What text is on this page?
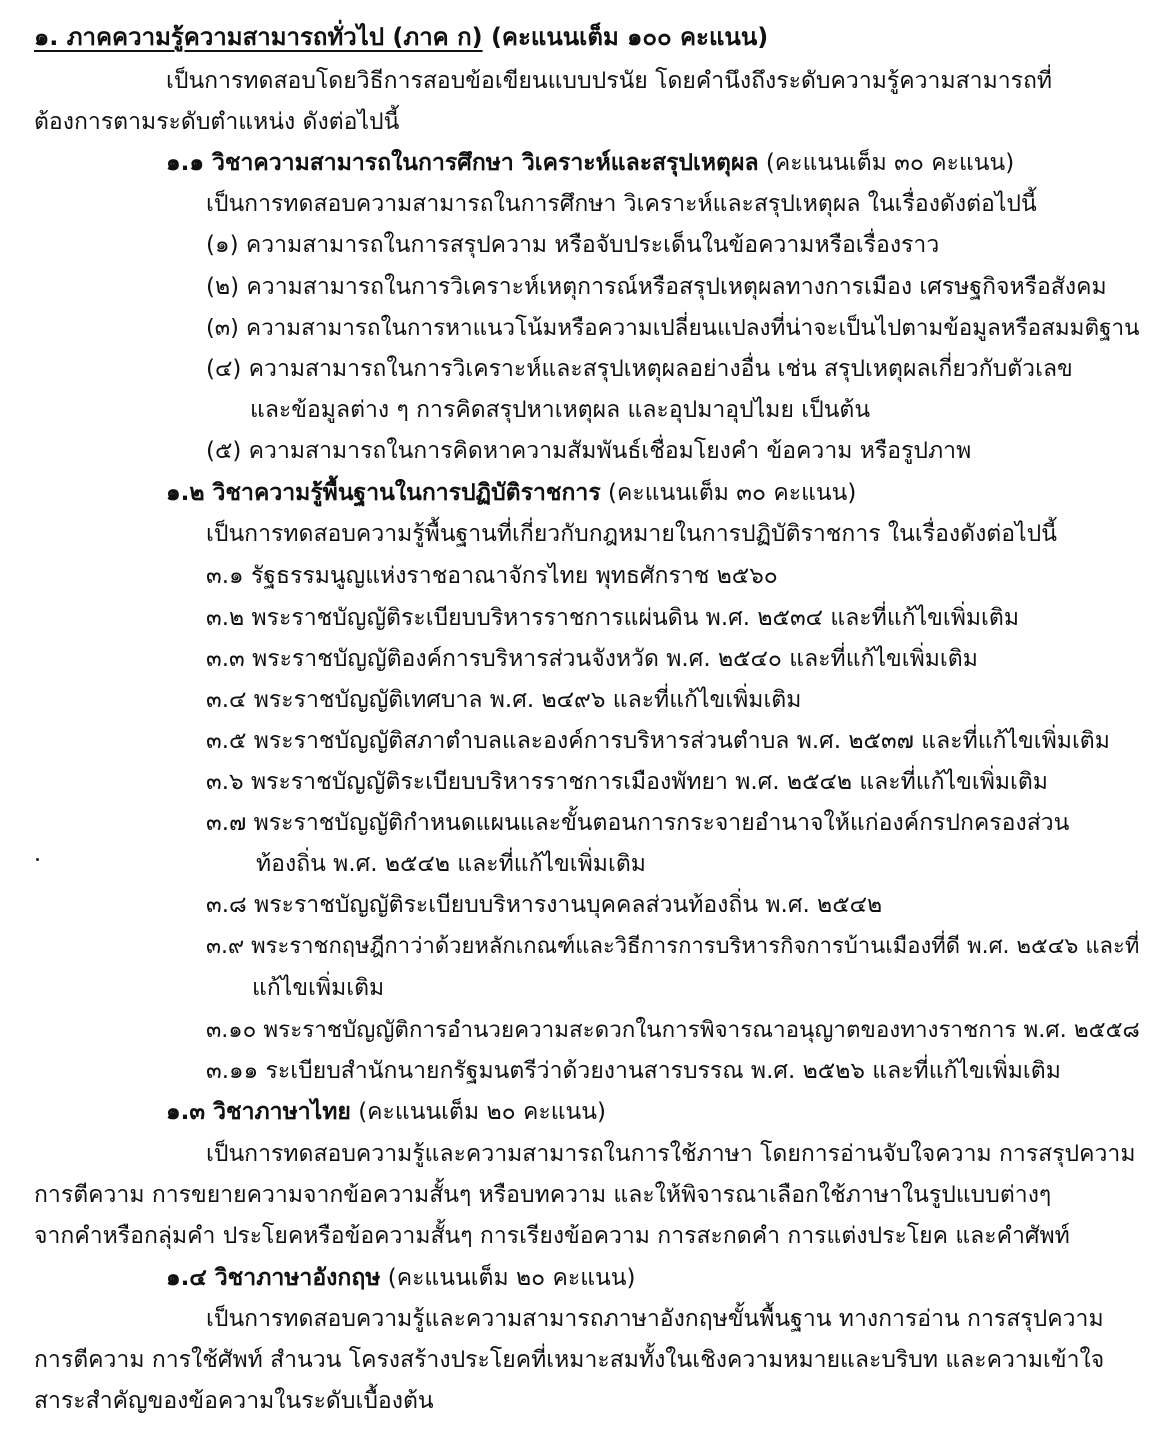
๑. ภาคความรู้ความสามารถทั่วไป (ภาค ก) (คะแนนเต็ม ๑๐๐ คะแนน)
เป็นการทดสอบโดยวิธีการสอบข้อเขียนแบบปรนัย โดยคำนึงถึงระดับความรู้ความสามารถที่
ต้องการตามระดับตำแหน่ง ดังต่อไปนี้
๑.๑ วิชาความสามารถในการศึกษา วิเคราะห์และสรุปเหตุผล (คะแนนเต็ม ๓๐ คะแนน)
เป็นการทดสอบความสามารถในการศึกษา วิเคราะห์และสรุปเหตุผล ในเรื่องดังต่อไปนี้
(๑) ความสามารถในการสรุปความ หรือจับประเด็นในข้อความหรือเรื่องราว
(๒) ความสามารถในการวิเคราะห์เหตุการณ์หรือสรุปเหตุผลทางการเมือง เศรษฐกิจหรือสังคม
(๓) ความสามารถในการหาแนวโน้มหรือความเปลี่ยนแปลงที่น่าจะเป็นไปตามข้อมูลหรือสมมติฐาน
(๔) ความสามารถในการวิเคราะห์และสรุปเหตุผลอย่างอื่น เช่น สรุปเหตุผลเกี่ยวกับตัวเลข
และข้อมูลต่าง ๆ การคิดสรุปหาเหตุผล และอุปมาอุปไมย เป็นต้น
(๕) ความสามารถในการคิดหาความสัมพันธ์เชื่อมโยงคำ ข้อความ หรือรูปภาพ
๑.๒ วิชาความรู้พื้นฐานในการปฏิบัติราชการ (คะแนนเต็ม ๓๐ คะแนน)
เป็นการทดสอบความรู้พื้นฐานที่เกี่ยวกับกฎหมายในการปฏิบัติราชการ ในเรื่องดังต่อไปนี้
๓.๑ รัฐธรรมนูญแห่งราชอาณาจักรไทย พุทธศักราช ๒๕๖๐
๓.๒ พระราชบัญญัติระเบียบบริหารราชการแผ่นดิน พ.ศ. ๒๕๓๔ และที่แก้ไขเพิ่มเติม
๓.๓ พระราชบัญญัติองค์การบริหารส่วนจังหวัด พ.ศ. ๒๕๔๐ และที่แก้ไขเพิ่มเติม
๓.๔ พระราชบัญญัติเทศบาล พ.ศ. ๒๔๙๖ และที่แก้ไขเพิ่มเติม
๓.๕ พระราชบัญญัติสภาตำบลและองค์การบริหารส่วนตำบล พ.ศ. ๒๕๓๗ และที่แก้ไขเพิ่มเติม
๓.๖ พระราชบัญญัติระเบียบบริหารราชการเมืองพัทยา พ.ศ. ๒๕๔๒ และที่แก้ไขเพิ่มเติม
๓.๗ พระราชบัญญัติกำหนดแผนและขั้นตอนการกระจายอำนาจให้แก่องค์กรปกครองส่วน
ท้องถิ่น พ.ศ. ๒๕๔๒ และที่แก้ไขเพิ่มเติม
๓.๘ พระราชบัญญัติระเบียบบริหารงานบุคคลส่วนท้องถิ่น พ.ศ. ๒๕๔๒
๓.๙ พระราชกฤษฎีกาว่าด้วยหลักเกณฑ์และวิธีการการบริหารกิจการบ้านเมืองที่ดี พ.ศ. ๒๕๔๖ และที่
แก้ไขเพิ่มเติม
๓.๑๐ พระราชบัญญัติการอำนวยความสะดวกในการพิจารณาอนุญาตของทางราชการ พ.ศ. ๒๕๕๘
๓.๑๑ ระเบียบสำนักนายกรัฐมนตรีว่าด้วยงานสารบรรณ พ.ศ. ๒๕๒๖ และที่แก้ไขเพิ่มเติม
๑.๓ วิชาภาษาไทย (คะแนนเต็ม ๒๐ คะแนน)
เป็นการทดสอบความรู้และความสามารถในการใช้ภาษา โดยการอ่านจับใจความ การสรุปความ
การตีความ การขยายความจากข้อความสั้นๆ หรือบทความ และให้พิจารณาเลือกใช้ภาษาในรูปแบบต่างๆ
จากคำหรือกลุ่มคำ ประโยคหรือข้อความสั้นๆ การเรียงข้อความ การสะกดคำ การแต่งประโยค และคำศัพท์
๑.๔ วิชาภาษาอังกฤษ (คะแนนเต็ม ๒๐ คะแนน)
เป็นการทดสอบความรู้และความสามารถภาษาอังกฤษขั้นพื้นฐาน ทางการอ่าน การสรุปความ
การตีความ การใช้ศัพท์ สำนวน โครงสร้างประโยคที่เหมาะสมทั้งในเชิงความหมายและบริบท และความเข้าใจ
สาระสำคัญของข้อความในระดับเบื้องต้น
